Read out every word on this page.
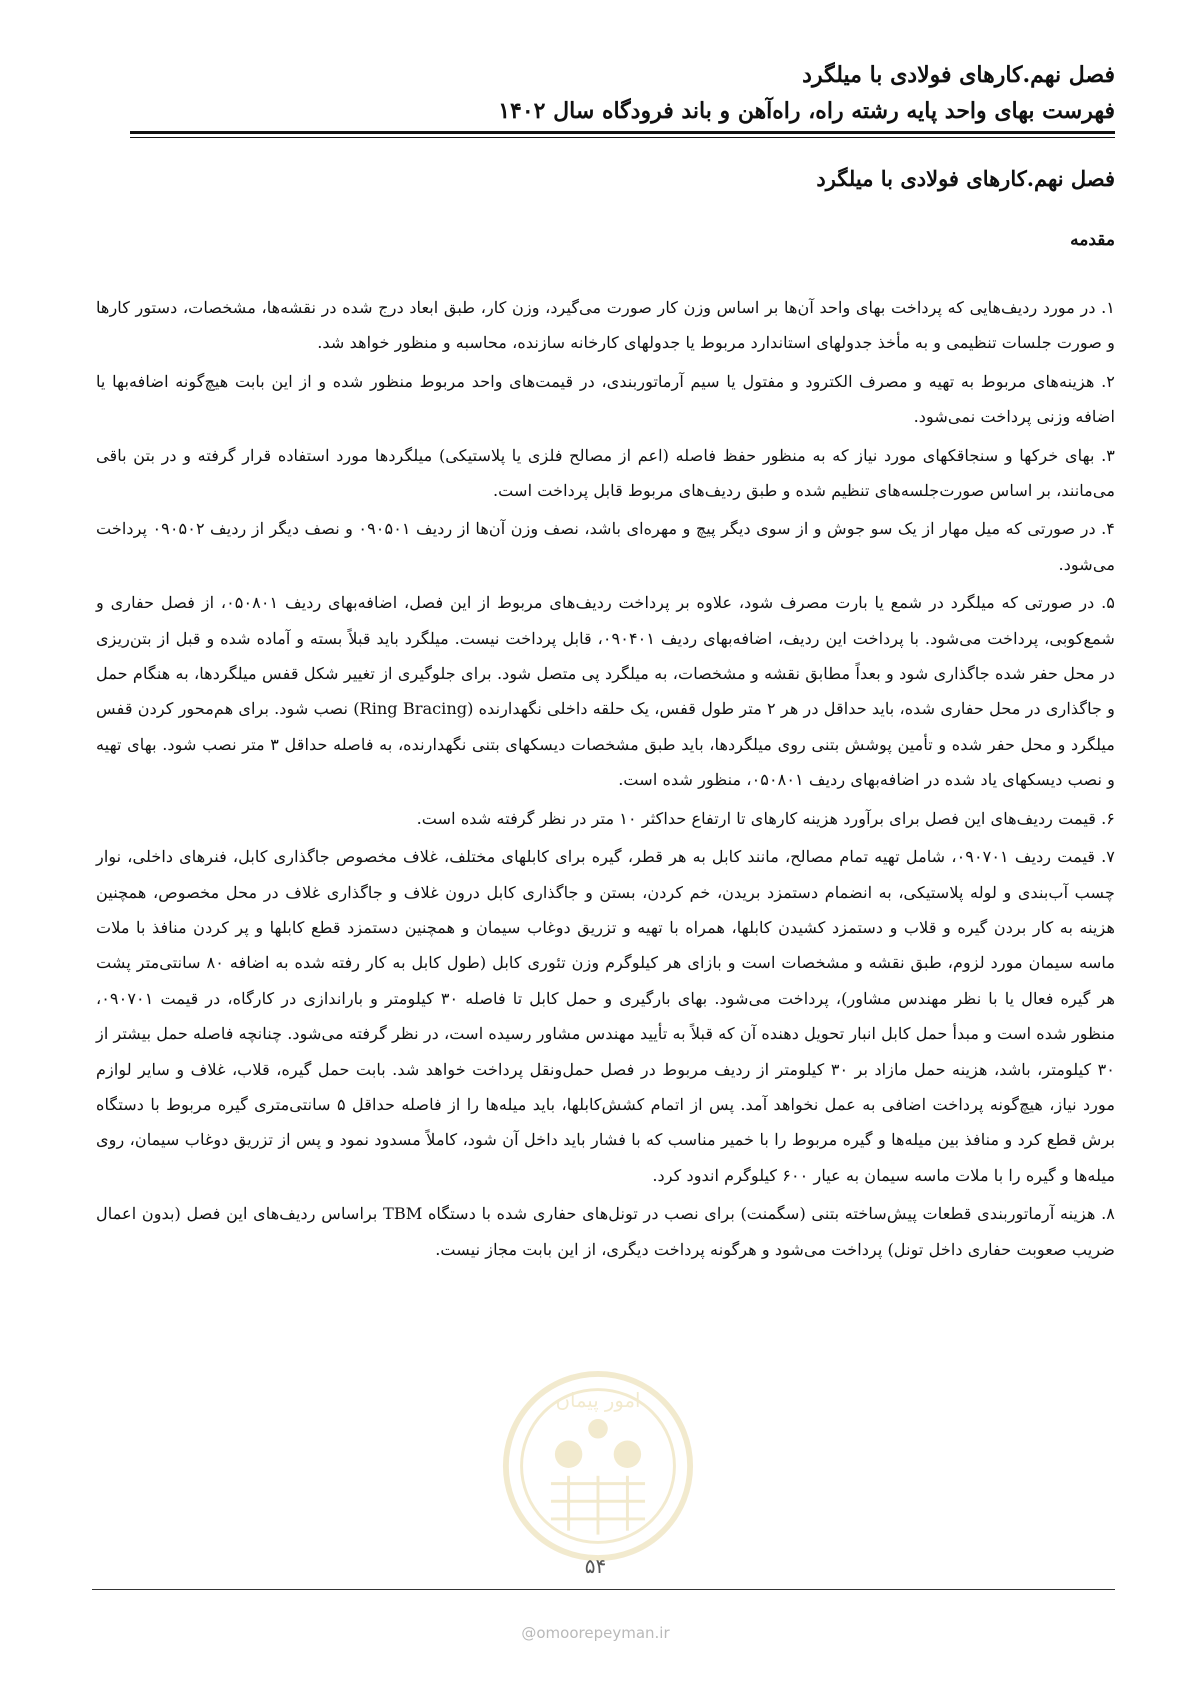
فصل نهم.کارهای فولادی با میلگرد
فهرست بهای واحد پایه رشته راه، راه‌آهن و باند فرودگاه سال ۱۴۰۲
فصل نهم.کارهای فولادی با میلگرد
مقدمه

۱. در مورد ردیف‌هایی که پرداخت بهای واحد آن‌ها بر اساس وزن کار صورت می‌گیرد، وزن کار، طبق ابعاد درج شده در نقشه‌ها، مشخصات، دستور کارها و صورت جلسات تنظیمی و به مأخذ جدولهای استاندارد مربوط یا جدولهای کارخانه سازنده، محاسبه و منظور خواهد شد.

۲. هزینه‌های مربوط به تهیه و مصرف الکترود و مفتول یا سیم آرماتوربندی، در قیمت‌های واحد مربوط منظور شده و از این بابت هیچ‌گونه اضافه‌بها یا اضافه وزنی پرداخت نمی‌شود.

۳. بهای خرکها و سنجاقکهای مورد نیاز که به منظور حفظ فاصله (اعم از مصالح فلزی یا پلاستیکی) میلگردها مورد استفاده قرار گرفته و در بتن باقی می‌مانند، بر اساس صورت‌جلسه‌های تنظیم شده و طبق ردیف‌های مربوط قابل پرداخت است.

۴. در صورتی که میل مهار از یک سو جوش و از سوی دیگر پیچ و مهره‌ای باشد، نصف وزن آن‌ها از ردیف ۰۹۰۵۰۱ و نصف دیگر از ردیف ۰۹۰۵۰۲ پرداخت می‌شود.

۵. در صورتی که میلگرد در شمع یا بارت مصرف شود، علاوه بر پرداخت ردیف‌های مربوط از این فصل، اضافه‌بهای ردیف ۰۵۰۸۰۱، از فصل حفاری و شمع‌کوبی، پرداخت می‌شود. با پرداخت این ردیف، اضافه‌بهای ردیف ۰۹۰۴۰۱، قابل پرداخت نیست. میلگرد باید قبلاً بسته و آماده شده و قبل از بتن‌ریزی در محل حفر شده جاگذاری شود و بعداً مطابق نقشه و مشخصات، به میلگرد پی متصل شود. برای جلوگیری از تغییر شکل قفس میلگردها، به هنگام حمل و جاگذاری در محل حفاری شده، باید حداقل در هر ۲ متر طول قفس، یک حلقه داخلی نگهدارنده (Ring Bracing) نصب شود. برای هم‌محور کردن قفس میلگرد و محل حفر شده و تأمین پوشش بتنی روی میلگردها، باید طبق مشخصات دیسکهای بتنی نگهدارنده، به فاصله حداقل ۳ متر نصب شود. بهای تهیه و نصب دیسکهای یاد شده در اضافه‌بهای ردیف ۰۵۰۸۰۱، منظور شده است.

۶. قیمت ردیف‌های این فصل برای برآورد هزینه کارهای تا ارتفاع حداکثر ۱۰ متر در نظر گرفته شده است.

۷. قیمت ردیف ۰۹۰۷۰۱، شامل تهیه تمام مصالح، مانند کابل به هر قطر، گیره برای کابلهای مختلف، غلاف مخصوص جاگذاری کابل، فنرهای داخلی، نوار چسب آب‌بندی و لوله پلاستیکی، به انضمام دستمزد بریدن، خم کردن، بستن و جاگذاری کابل درون غلاف و جاگذاری غلاف در محل مخصوص، همچنین هزینه به کار بردن گیره و قلاب و دستمزد کشیدن کابلها، همراه با تهیه و تزریق دوغاب سیمان و همچنین دستمزد قطع کابلها و پر کردن منافذ با ملات ماسه سیمان مورد لزوم، طبق نقشه و مشخصات است و بازای هر کیلوگرم وزن تئوری کابل (طول کابل به کار رفته شده به اضافه ۸۰ سانتی‌متر پشت هر گیره فعال یا با نظر مهندس مشاور)، پرداخت می‌شود. بهای بارگیری و حمل کابل تا فاصله ۳۰ کیلومتر و باراندازی در کارگاه، در قیمت ۰۹۰۷۰۱، منظور شده است و مبدأ حمل کابل انبار تحویل دهنده آن که قبلاً به تأیید مهندس مشاور رسیده است، در نظر گرفته می‌شود. چنانچه فاصله حمل بیشتر از ۳۰ کیلومتر، باشد، هزینه حمل مازاد بر ۳۰ کیلومتر از ردیف مربوط در فصل حمل‌ونقل پرداخت خواهد شد. بابت حمل گیره، قلاب، غلاف و سایر لوازم مورد نیاز، هیچ‌گونه پرداخت اضافی به عمل نخواهد آمد. پس از اتمام کشش‌کابلها، باید میله‌ها را از فاصله حداقل ۵ سانتی‌متری گیره مربوط با دستگاه برش قطع کرد و منافذ بین میله‌ها و گیره مربوط را با خمیر مناسب که با فشار باید داخل آن شود، کاملاً مسدود نمود و پس از تزریق دوغاب سیمان، روی میله‌ها و گیره را با ملات ماسه سیمان به عیار ۶۰۰ کیلوگرم اندود کرد.

۸. هزینه آرماتوربندی قطعات پیش‌ساخته بتنی (سگمنت) برای نصب در تونل‌های حفاری شده با دستگاه TBM براساس ردیف‌های این فصل (بدون اعمال ضریب صعوبت حفاری داخل تونل) پرداخت می‌شود و هرگونه پرداخت دیگری، از این بابت مجاز نیست.

امور پیمان
۵۴
@omoorepeyman.ir
